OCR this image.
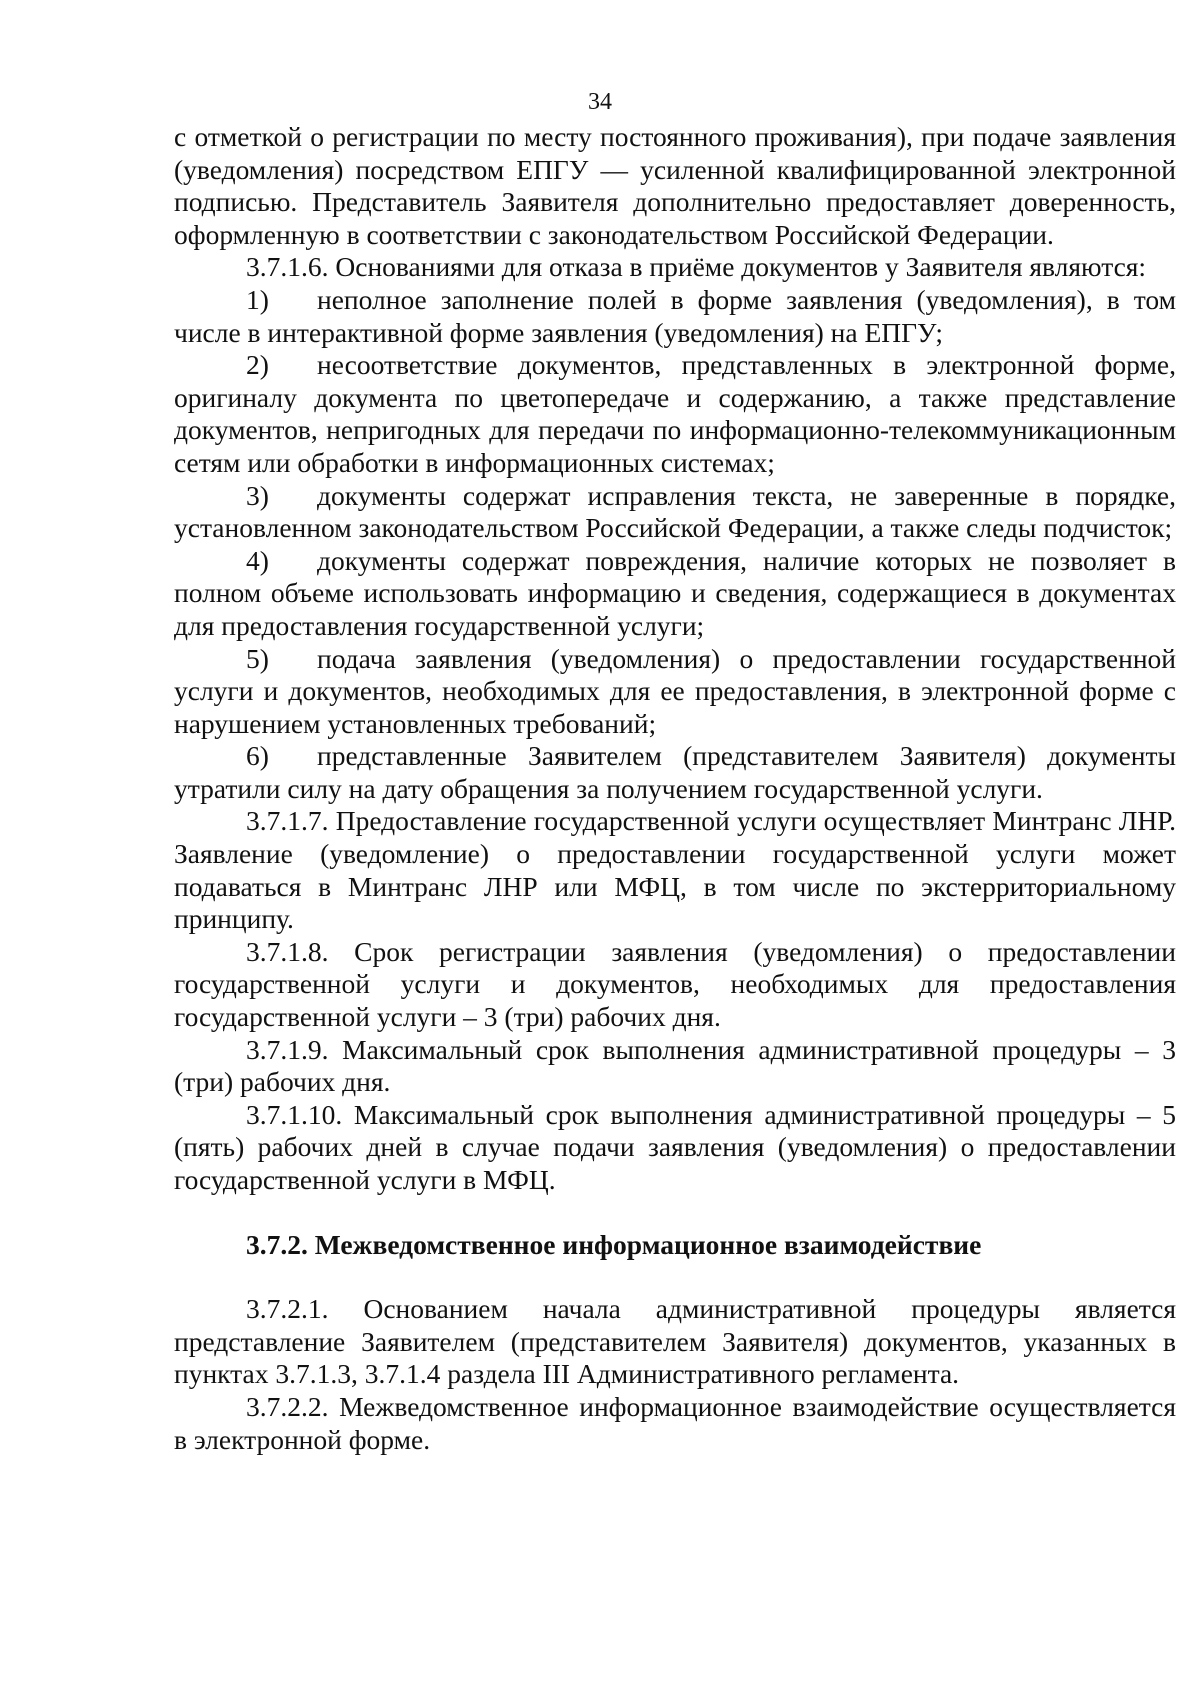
34

с отметкой о регистрации по месту постоянного проживания), при подаче заявления (уведомления) посредством ЕПГУ — усиленной квалифицированной электронной подписью. Представитель Заявителя дополнительно предоставляет доверенность, оформленную в соответствии с законодательством Российской Федерации.

3.7.1.6. Основаниями для отказа в приёме документов у Заявителя являются:

1) неполное заполнение полей в форме заявления (уведомления), в том числе в интерактивной форме заявления (уведомления) на ЕПГУ;

2) несоответствие документов, представленных в электронной форме, оригиналу документа по цветопередаче и содержанию, а также представление документов, непригодных для передачи по информационно-телекоммуникационным сетям или обработки в информационных системах;

3) документы содержат исправления текста, не заверенные в порядке, установленном законодательством Российской Федерации, а также следы подчисток;

4) документы содержат повреждения, наличие которых не позволяет в полном объеме использовать информацию и сведения, содержащиеся в документах для предоставления государственной услуги;

5) подача заявления (уведомления) о предоставлении государственной услуги и документов, необходимых для ее предоставления, в электронной форме с нарушением установленных требований;

6) представленные Заявителем (представителем Заявителя) документы утратили силу на дату обращения за получением государственной услуги.

3.7.1.7. Предоставление государственной услуги осуществляет Минтранс ЛНР. Заявление (уведомление) о предоставлении государственной услуги может подаваться в Минтранс ЛНР или МФЦ, в том числе по экстерриториальному принципу.

3.7.1.8. Срок регистрации заявления (уведомления) о предоставлении государственной услуги и документов, необходимых для предоставления государственной услуги – 3 (три) рабочих дня.

3.7.1.9. Максимальный срок выполнения административной процедуры – 3 (три) рабочих дня.

3.7.1.10. Максимальный срок выполнения административной процедуры – 5 (пять) рабочих дней в случае подачи заявления (уведомления) о предоставлении государственной услуги в МФЦ.

3.7.2. Межведомственное информационное взаимодействие

3.7.2.1. Основанием начала административной процедуры является представление Заявителем (представителем Заявителя) документов, указанных в пунктах 3.7.1.3, 3.7.1.4 раздела III Административного регламента.

3.7.2.2. Межведомственное информационное взаимодействие осуществляется в электронной форме.
